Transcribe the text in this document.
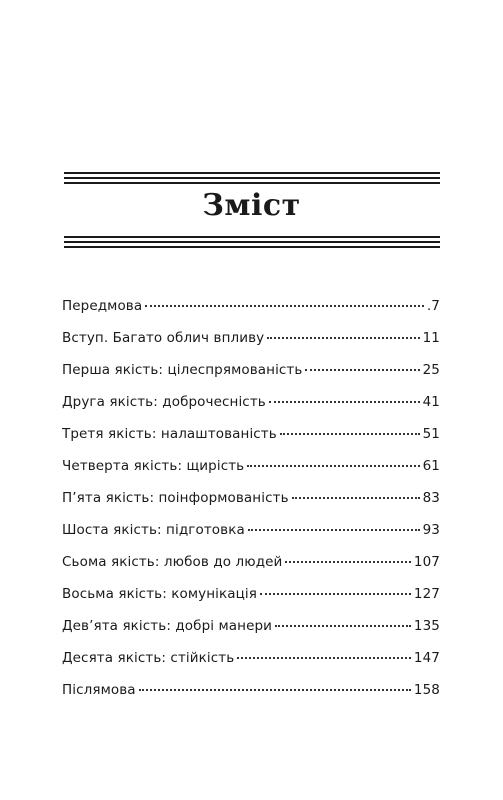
Зміст
Передмова	.7
Вступ. Багато облич впливу	11
Перша якість: цілеспрямованість	25
Друга якість: доброчесність	41
Третя якість: налаштованість	51
Четверта якість: щирість	61
П’ята якість: поінформованість	83
Шоста якість: підготовка	93
Сьома якість: любов до людей	107
Восьма якість: комунікація	127
Дев’ята якість: добрі манери	135
Десята якість: стійкість	147
Післямова	158
